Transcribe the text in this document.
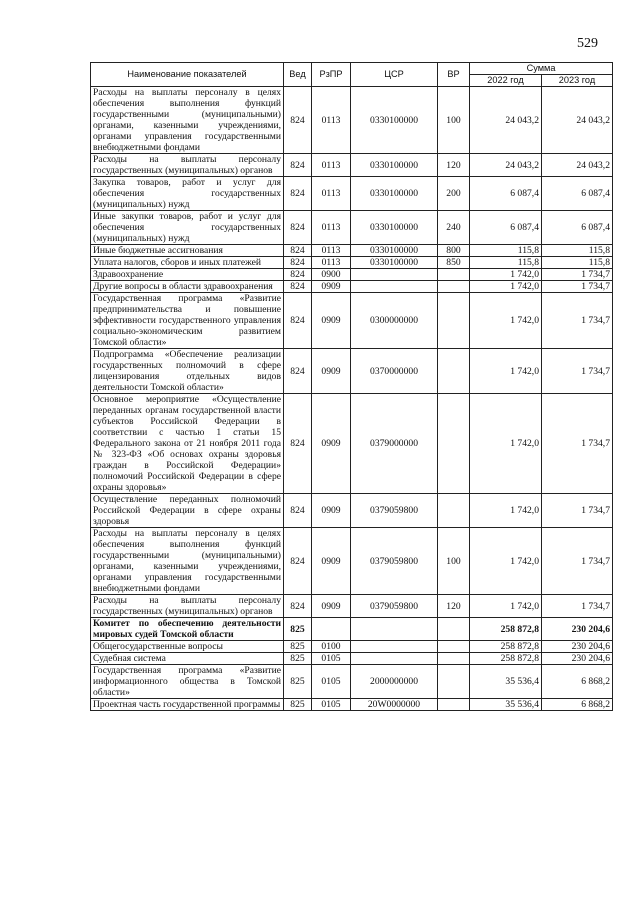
529
Наименование показателей	Вед	РзПР	ЦСР	ВР	Сумма	
					2022 год	2023 год
Расходы на выплаты персоналу в целях обеспечения выполнения функций государственными (муниципальными) органами, казенными учреждениями, органами управления государственными внебюджетными фондами	824	0113	0330100000	100	24 043,2	24 043,2
Расходы на выплаты персоналу государственных (муниципальных) органов	824	0113	0330100000	120	24 043,2	24 043,2
Закупка товаров, работ и услуг для обеспечения государственных (муниципальных) нужд	824	0113	0330100000	200	6 087,4	6 087,4
Иные закупки товаров, работ и услуг для обеспечения государственных (муниципальных) нужд	824	0113	0330100000	240	6 087,4	6 087,4
Иные бюджетные ассигнования	824	0113	0330100000	800	115,8	115,8
Уплата налогов, сборов и иных платежей	824	0113	0330100000	850	115,8	115,8
Здравоохранение	824	0900			1 742,0	1 734,7
Другие вопросы в области здравоохранения	824	0909			1 742,0	1 734,7
Государственная программа «Развитие предпринимательства и повышение эффективности государственного управления социально-экономическим развитием Томской области»	824	0909	0300000000		1 742,0	1 734,7
Подпрограмма «Обеспечение реализации государственных полномочий в сфере лицензирования отдельных видов деятельности Томской области»	824	0909	0370000000		1 742,0	1 734,7
Основное мероприятие «Осуществление переданных органам государственной власти субъектов Российской Федерации в соответствии с частью 1 статьи 15 Федерального закона от 21 ноября 2011 года № 323-ФЗ «Об основах охраны здоровья граждан в Российской Федерации» полномочий Российской Федерации в сфере охраны здоровья»	824	0909	0379000000		1 742,0	1 734,7
Осуществление переданных полномочий Российской Федерации в сфере охраны здоровья	824	0909	0379059800		1 742,0	1 734,7
Расходы на выплаты персоналу в целях обеспечения выполнения функций государственными (муниципальными) органами, казенными учреждениями, органами управления государственными внебюджетными фондами	824	0909	0379059800	100	1 742,0	1 734,7
Расходы на выплаты персоналу государственных (муниципальных) органов	824	0909	0379059800	120	1 742,0	1 734,7
Комитет по обеспечению деятельности мировых судей Томской области	825				258 872,8	230 204,6
Общегосударственные вопросы	825	0100			258 872,8	230 204,6
Судебная система	825	0105			258 872,8	230 204,6
Государственная программа «Развитие информационного общества в Томской области»	825	0105	2000000000		35 536,4	6 868,2
Проектная часть государственной программы	825	0105	20W0000000		35 536,4	6 868,2
